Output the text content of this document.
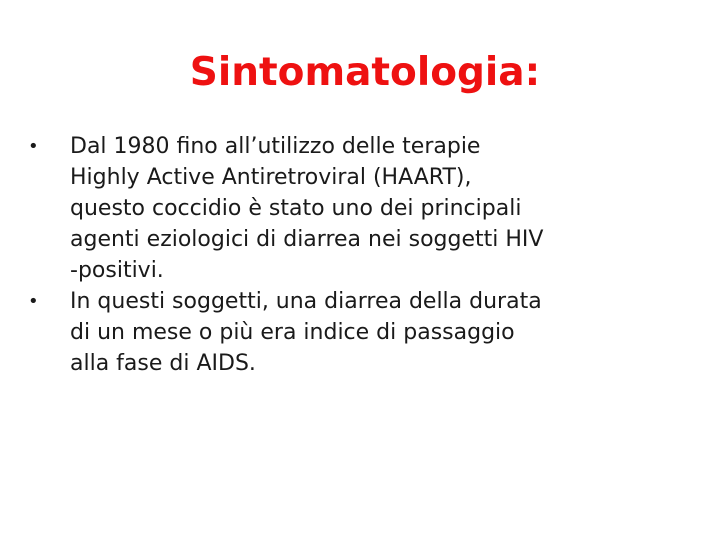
Sintomatologia:
•	Dal 1980 fino all’utilizzo delle terapie
Highly Active Antiretroviral (HAART),
questo coccidio è stato uno dei principali
agenti eziologici di diarrea nei soggetti HIV
-positivi.
•	In questi soggetti, una diarrea della durata
di un mese o più era indice di passaggio
alla fase di AIDS.
